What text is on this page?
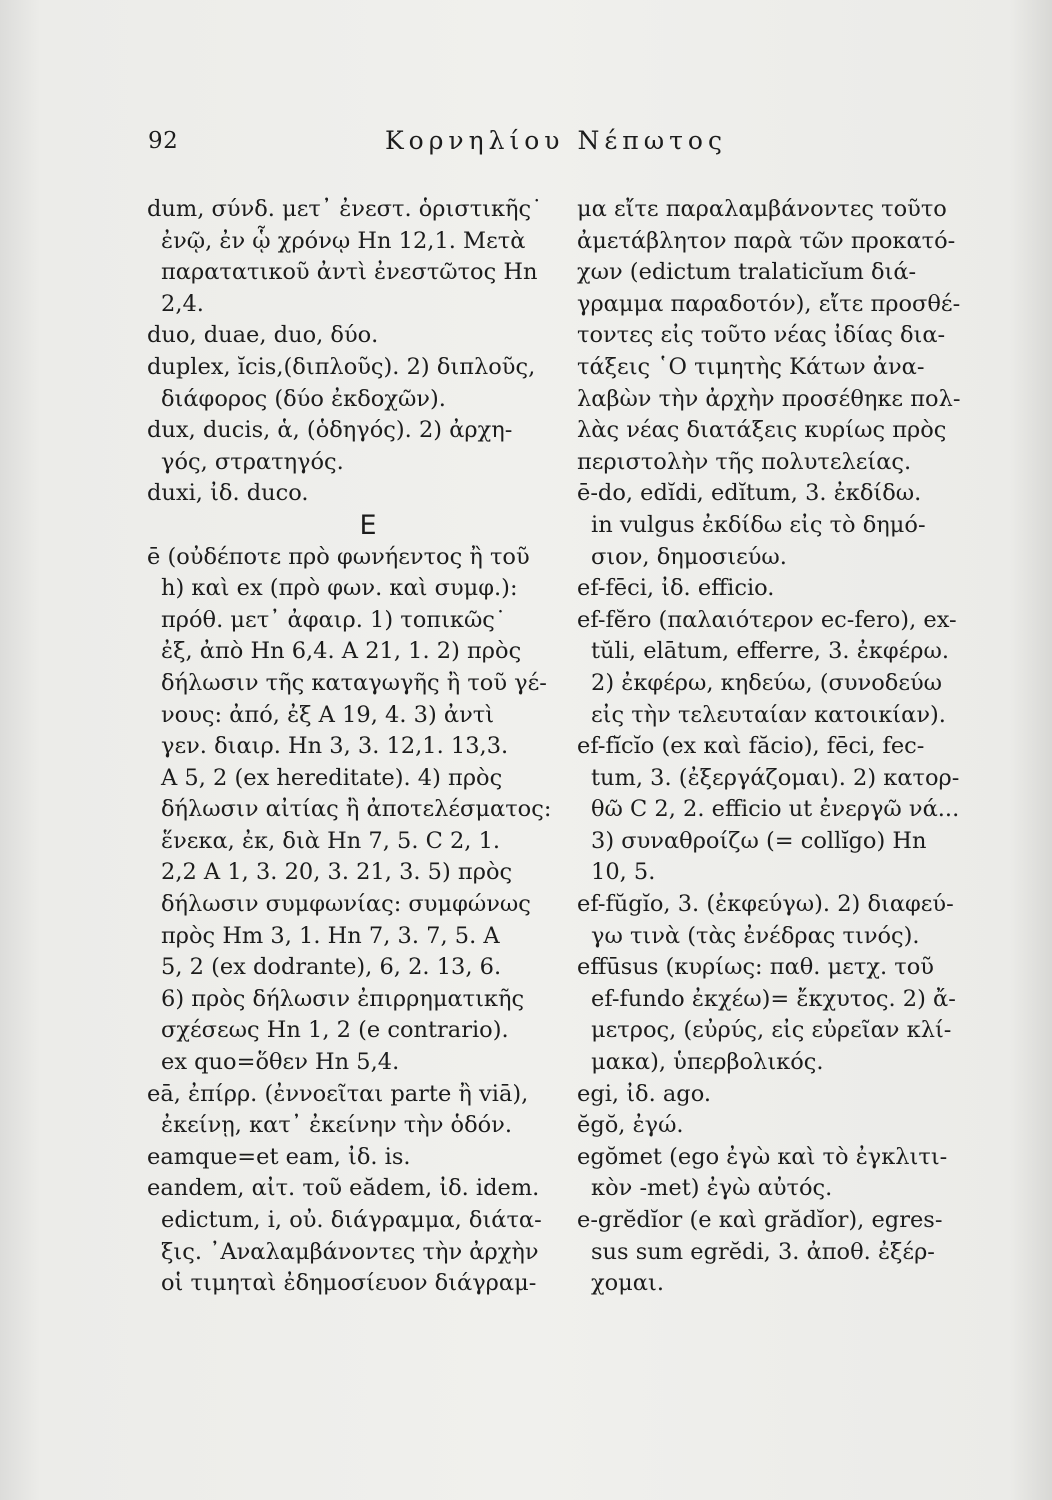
92	Κορνηλίου Νέπωτος
dum, σύνδ. μετ᾽ ἐνεστ. ὁριστικῆς˙
ἐνῷ, ἐν ᾧ χρόνῳ Hn 12,1. Μετὰ
παρατατικοῦ ἀντὶ ἐνεστῶτος Hn
2,4.
duo, duae, duo, δύο.
duplex, ĭcis,(διπλοῦς). 2) διπλοῦς,
διάφορος (δύο ἐκδοχῶν).
dux, ducis, ἁ, (ὁδηγός). 2) ἀρχη-
γός, στρατηγός.
duxi, ἰδ. duco.
E
ē (οὐδέποτε πρὸ φωνήεντος ἢ τοῦ
h) καὶ ex (πρὸ φων. καὶ συμφ.):
πρόθ. μετ᾽ ἀφαιρ. 1) τοπικῶς˙
ἐξ, ἀπὸ Hn 6,4. A 21, 1. 2) πρὸς
δήλωσιν τῆς καταγωγῆς ἢ τοῦ γέ-
νους: ἀπό, ἐξ A 19, 4. 3) ἀντὶ
γεν. διαιρ. Hn 3, 3. 12,1. 13,3.
A 5, 2 (ex hereditate). 4) πρὸς
δήλωσιν αἰτίας ἢ ἀποτελέσματος:
ἕνεκα, ἐκ, διὰ Hn 7, 5. C 2, 1.
2,2 A 1, 3. 20, 3. 21, 3. 5) πρὸς
δήλωσιν συμφωνίας: συμφώνως
πρὸς Hm 3, 1. Hn 7, 3. 7, 5. A
5, 2 (ex dodrante), 6, 2. 13, 6.
6) πρὸς δήλωσιν ἐπιρρηματικῆς
σχέσεως Hn 1, 2 (e contrario).
ex quo=ὅθεν Hn 5,4.
eā, ἐπίρρ. (ἐννοεῖται parte ἢ viā),
ἐκείνῃ, κατ᾽ ἐκείνην τὴν ὁδόν.
eamque=et eam, ἰδ. is.
eandem, αἰτ. τοῦ eădem, ἰδ. idem.
edictum, i, οὐ. διάγραμμα, διάτα-
ξις. ᾽Αναλαμβάνοντες τὴν ἀρχὴν
οἱ τιμηταὶ ἐδημοσίευον διάγραμ-
μα εἴτε παραλαμβάνοντες τοῦτο
ἀμετάβλητον παρὰ τῶν προκατό-
χων (edictum tralaticĭum διά-
γραμμα παραδοτόν), εἴτε προσθέ-
τοντες εἰς τοῦτο νέας ἰδίας δια-
τάξεις ῾Ο τιμητὴς Κάτων ἀνα-
λαβὼν τὴν ἀρχὴν προσέθηκε πολ-
λὰς νέας διατάξεις κυρίως πρὸς
περιστολὴν τῆς πολυτελείας.
ē-do, edĭdi, edĭtum, 3. ἐκδίδω.
in vulgus ἐκδίδω εἰς τὸ δημό-
σιον, δημοσιεύω.
ef-fēci, ἰδ. efficio.
ef-fĕro (παλαιότερον ec-fero), ex-
tŭli, elātum, efferre, 3. ἐκφέρω.
2) ἐκφέρω, κηδεύω, (συνοδεύω
εἰς τὴν τελευταίαν κατοικίαν).
ef-fĭcĭo (ex καὶ făcio), fēci, fec-
tum, 3. (ἐξεργάζομαι). 2) κατορ-
θῶ C 2, 2. efficio ut ἐνεργῶ νά...
3) συναθροίζω (= collĭgo) Hn
10, 5.
ef-fŭgĭo, 3. (ἐκφεύγω). 2) διαφεύ-
γω τινὰ (τὰς ἐνέδρας τινός).
effūsus (κυρίως: παθ. μετχ. τοῦ
ef-fundo ἐκχέω)= ἔκχυτος. 2) ἄ-
μετρος, (εὐρύς, εἰς εὐρεῖαν κλί-
μακα), ὑπερβολικός.
egi, ἰδ. ago.
ĕgŏ, ἐγώ.
egŏmet (ego ἐγὼ καὶ τὸ ἐγκλιτι-
κὸν -met) ἐγὼ αὐτός.
e-grĕdĭor (e καὶ grădĭor), egres-
sus sum egrĕdi, 3. ἀποθ. ἐξέρ-
χομαι.
